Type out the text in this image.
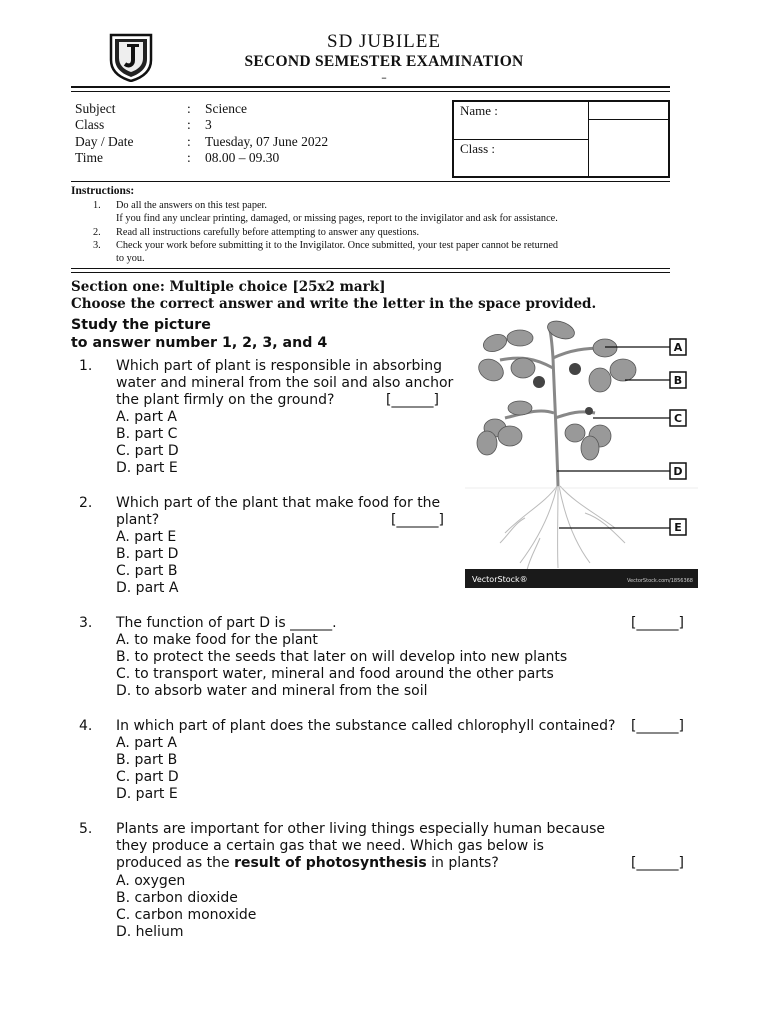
SD JUBILEE
SECOND SEMESTER EXAMINATION
–
Subject	:	Science
Class	:	3
Day / Date	:	Tuesday, 07 June 2022
Time	:	08.00 – 09.30
Name :
Class :
Instructions:
1.	Do all the answers on this test paper.
If you find any unclear printing, damaged, or missing pages, report to the invigilator and ask for assistance.
2.	Read all instructions carefully before attempting to answer any questions.
3.	Check your work before submitting it to the Invigilator. Once submitted, your test paper cannot be returned
to you.
Section one: Multiple choice [25x2 mark]
Choose the correct answer and write the letter in the space provided.
Study the picture
to answer number 1, 2, 3, and 4	A
B
C
D
E
VectorStock®	VectorStock.com/1856368
1. Which part of plant is responsible in absorbing
water and mineral from the soil and also anchor
the plant firmly on the ground?	[______]
A. part A
B. part C
C. part D
D. part E
2. Which part of the plant that make food for the
plant?	[______]
A. part E
B. part D
C. part B
D. part A
3. The function of part D is ______.	[______]
A. to make food for the plant
B. to protect the seeds that later on will develop into new plants
C. to transport water, mineral and food around the other parts
D. to absorb water and mineral from the soil
4. In which part of plant does the substance called chlorophyll contained? [______]
A. part A
B. part B
C. part D
D. part E
5. Plants are important for other living things especially human because
they produce a certain gas that we need. Which gas below is
produced as the result of photosynthesis in plants?	[______]
A. oxygen
B. carbon dioxide
C. carbon monoxide
D. helium
